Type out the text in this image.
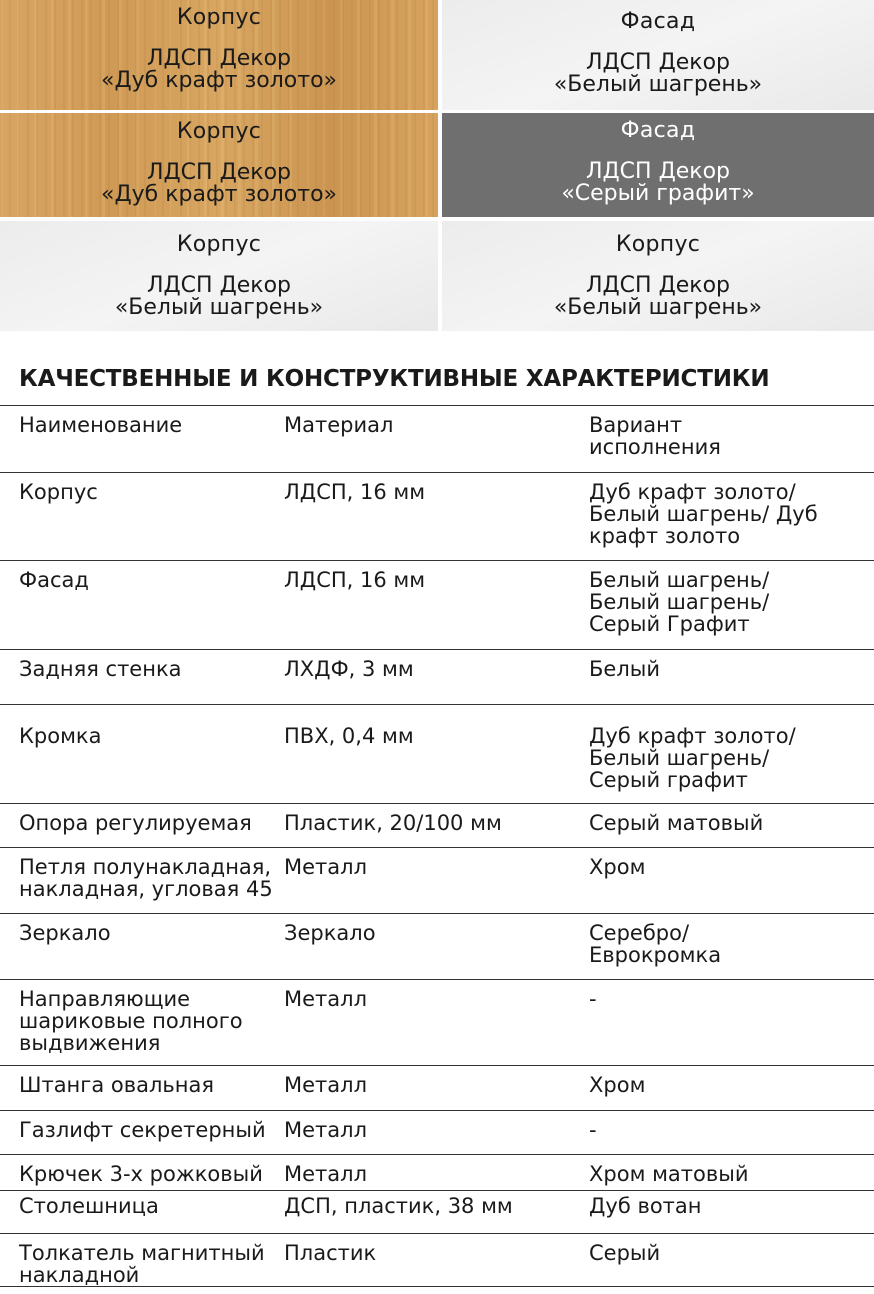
Корпус
ЛДСП Декор
«Дуб крафт золото»
Фасад
ЛДСП Декор
«Белый шагрень»
Корпус
ЛДСП Декор
«Дуб крафт золото»
Фасад
ЛДСП Декор
«Серый графит»
Корпус
ЛДСП Декор
«Белый шагрень»
Корпус
ЛДСП Декор
«Белый шагрень»
КАЧЕСТВЕННЫЕ И КОНСТРУКТИВНЫЕ ХАРАКТЕРИСТИКИ
Наименование	Материал	Вариант исполнения

Корпус	ЛДСП, 16 мм	Дуб крафт золото/ Белый шагрень/ Дуб крафт золото

Фасад	ЛДСП, 16 мм	Белый шагрень/ Белый шагрень/ Серый Графит

Задняя стенка	ЛХДФ, 3 мм	Белый
Кромка	ПВХ, 0,4 мм	Дуб крафт золото/ Белый шагрень/ Серый графит

Опора регулируемая	Пластик, 20/100 мм	Серый матовый

Петля полунакладная, накладная, угловая 45	Металл	Хром
Зеркало	Зеркало	Серебро/ Еврокромка

Направляющие шариковые полного выдвижения	Металл	-
Штанга овальная	Металл	Хром
Газлифт секретерный	Металл	-
Крючек 3-х рожковый	Металл	Хром матовый
Столешница	ДСП, пластик, 38 мм	Дуб вотан

Толкатель магнитный накладной	Пластик	Серый
